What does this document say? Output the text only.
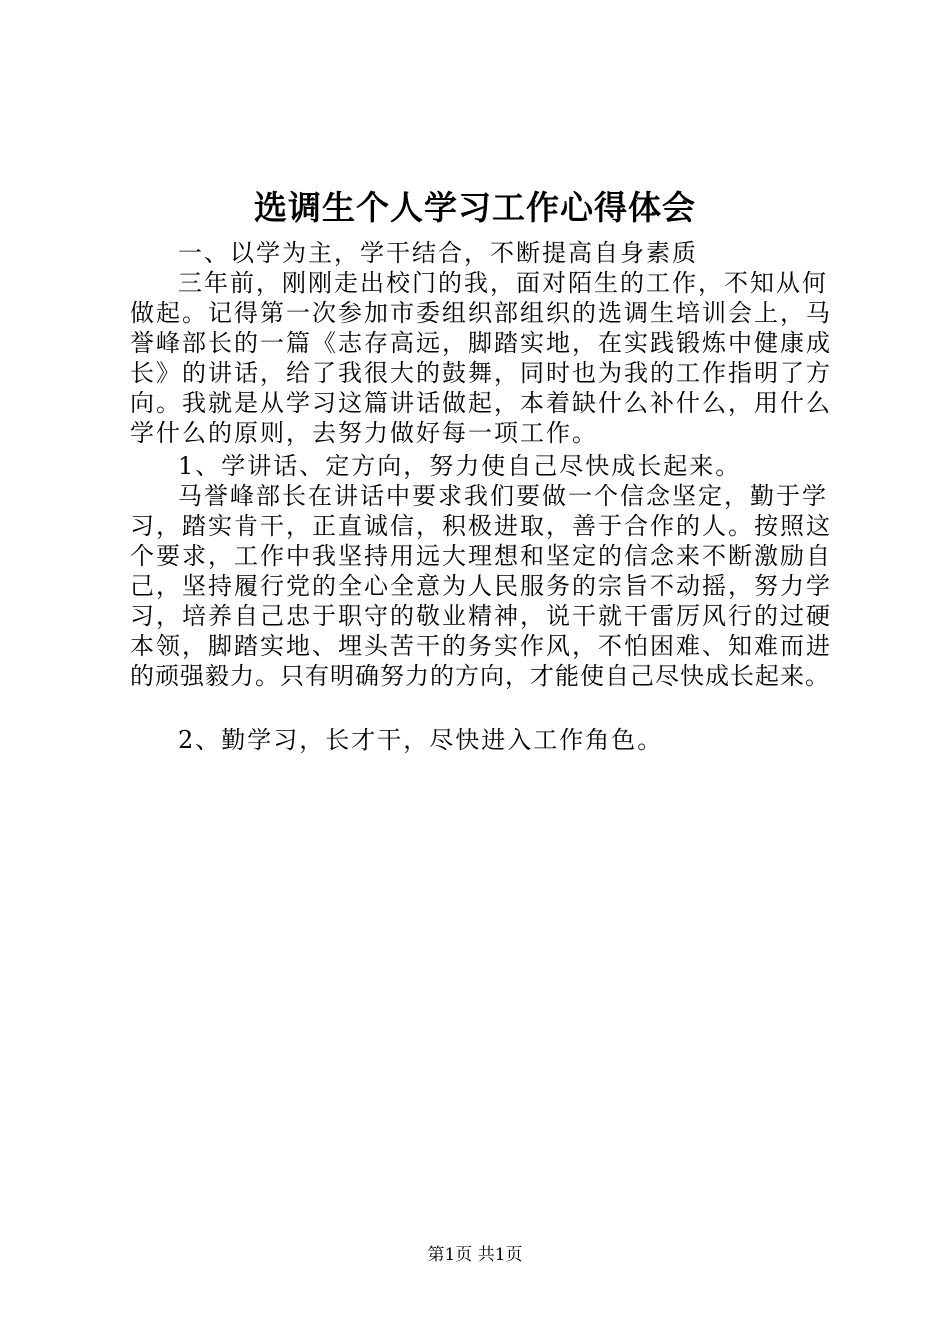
选调生个人学习工作心得体会
一、以学为主，学干结合，不断提高自身素质
三年前，刚刚走出校门的我，面对陌生的工作，不知从何
做起。记得第一次参加市委组织部组织的选调生培训会上，马
誉峰部长的一篇《志存高远，脚踏实地，在实践锻炼中健康成
长》的讲话，给了我很大的鼓舞，同时也为我的工作指明了方
向。我就是从学习这篇讲话做起，本着缺什么补什么，用什么
学什么的原则，去努力做好每一项工作。
1、学讲话、定方向，努力使自己尽快成长起来。
马誉峰部长在讲话中要求我们要做一个信念坚定，勤于学
习，踏实肯干，正直诚信，积极进取，善于合作的人。按照这
个要求，工作中我坚持用远大理想和坚定的信念来不断激励自
己，坚持履行党的全心全意为人民服务的宗旨不动摇，努力学
习，培养自己忠于职守的敬业精神，说干就干雷厉风行的过硬
本领，脚踏实地、埋头苦干的务实作风，不怕困难、知难而进
的顽强毅力。只有明确努力的方向，才能使自己尽快成长起来。
2、勤学习，长才干，尽快进入工作角色。
第1页 共1页
